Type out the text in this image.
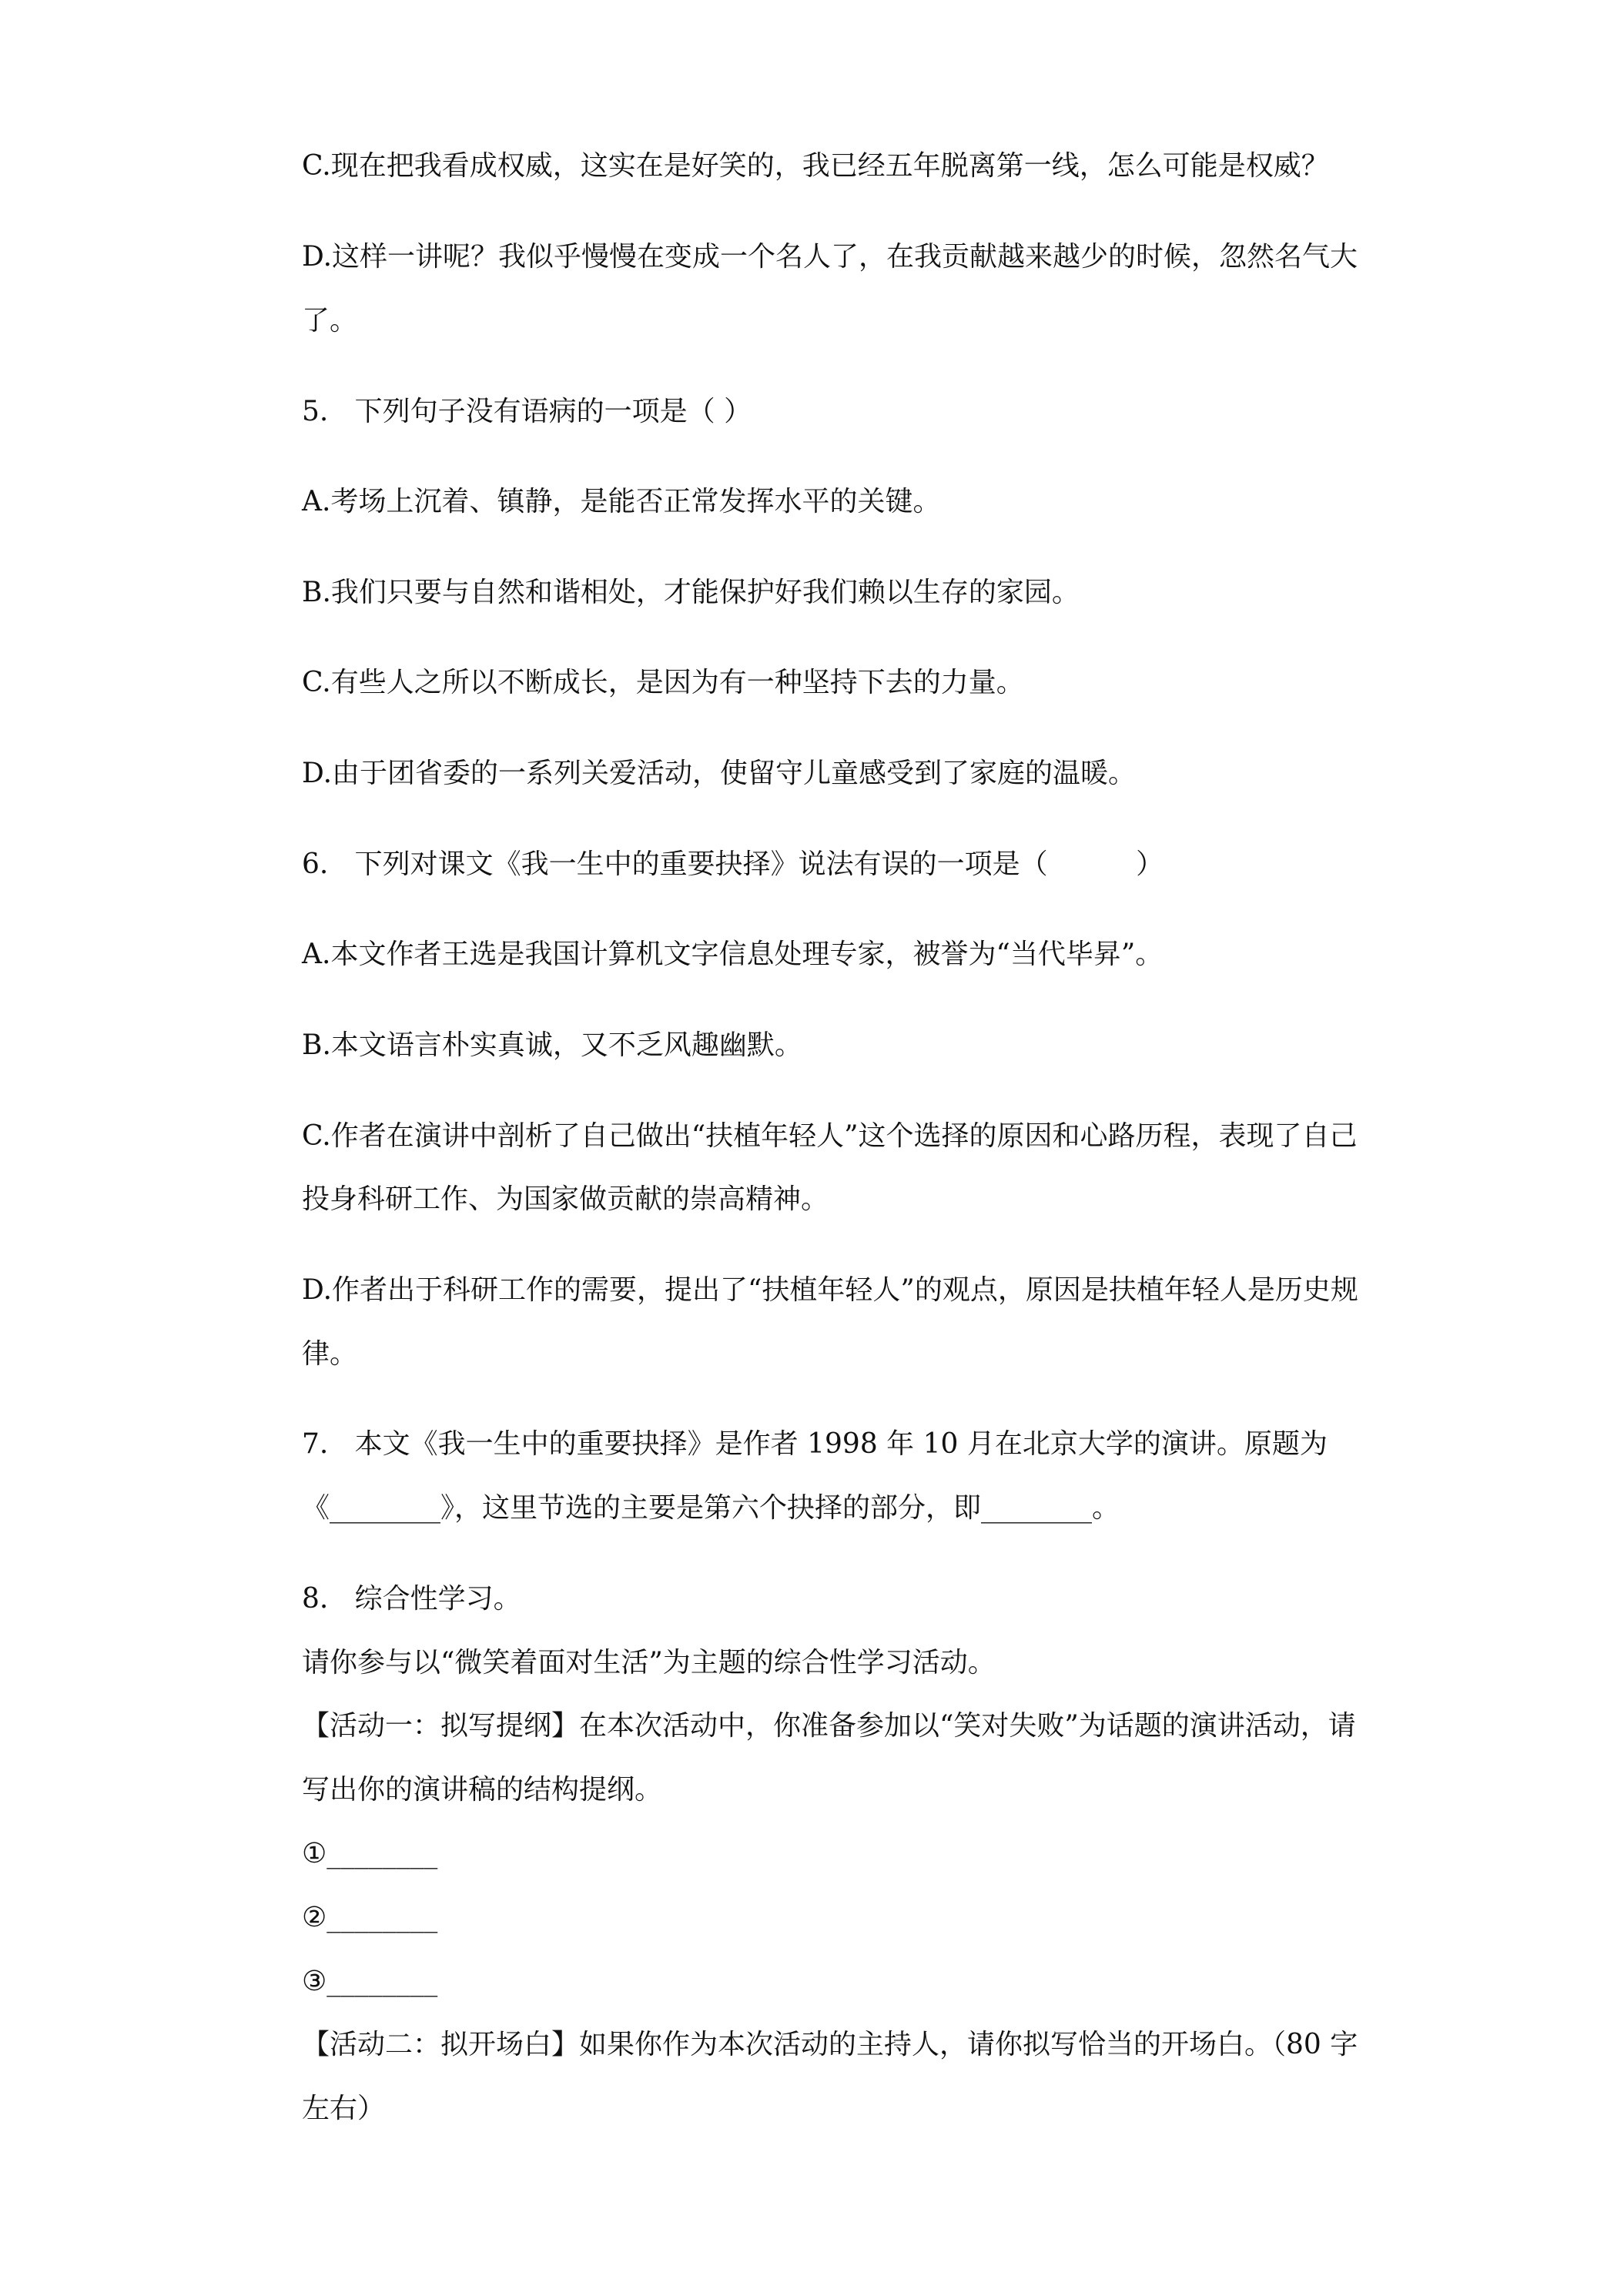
C.现在把我看成权威，这实在是好笑的，我已经五年脱离第一线，怎么可能是权威？

D.这样一讲呢？我似乎慢慢在变成一个名人了，在我贡献越来越少的时候，忽然名气大

了。

5.   下列句子没有语病的一项是（ ）

A.考场上沉着、镇静，是能否正常发挥水平的关键。

B.我们只要与自然和谐相处，才能保护好我们赖以生存的家园。

C.有些人之所以不断成长，是因为有一种坚持下去的力量。

D.由于团省委的一系列关爱活动，使留守儿童感受到了家庭的温暖。

6.   下列对课文《我一生中的重要抉择》说法有误的一项是（          ）

A.本文作者王选是我国计算机文字信息处理专家，被誉为“当代毕昇”。

B.本文语言朴实真诚，又不乏风趣幽默。

C.作者在演讲中剖析了自己做出“扶植年轻人”这个选择的原因和心路历程，表现了自己

投身科研工作、为国家做贡献的崇高精神。

D.作者出于科研工作的需要，提出了“扶植年轻人”的观点，原因是扶植年轻人是历史规

律。

7.   本文《我一生中的重要抉择》是作者 1998 年 10 月在北京大学的演讲。原题为

《________》，这里节选的主要是第六个抉择的部分，即________。

8.   综合性学习。

请你参与以“微笑着面对生活”为主题的综合性学习活动。

【活动一：拟写提纲】在本次活动中，你准备参加以“笑对失败”为话题的演讲活动，请

写出你的演讲稿的结构提纲。

①________

②________

③________

【活动二：拟开场白】如果你作为本次活动的主持人，请你拟写恰当的开场白。（80 字

左右）
